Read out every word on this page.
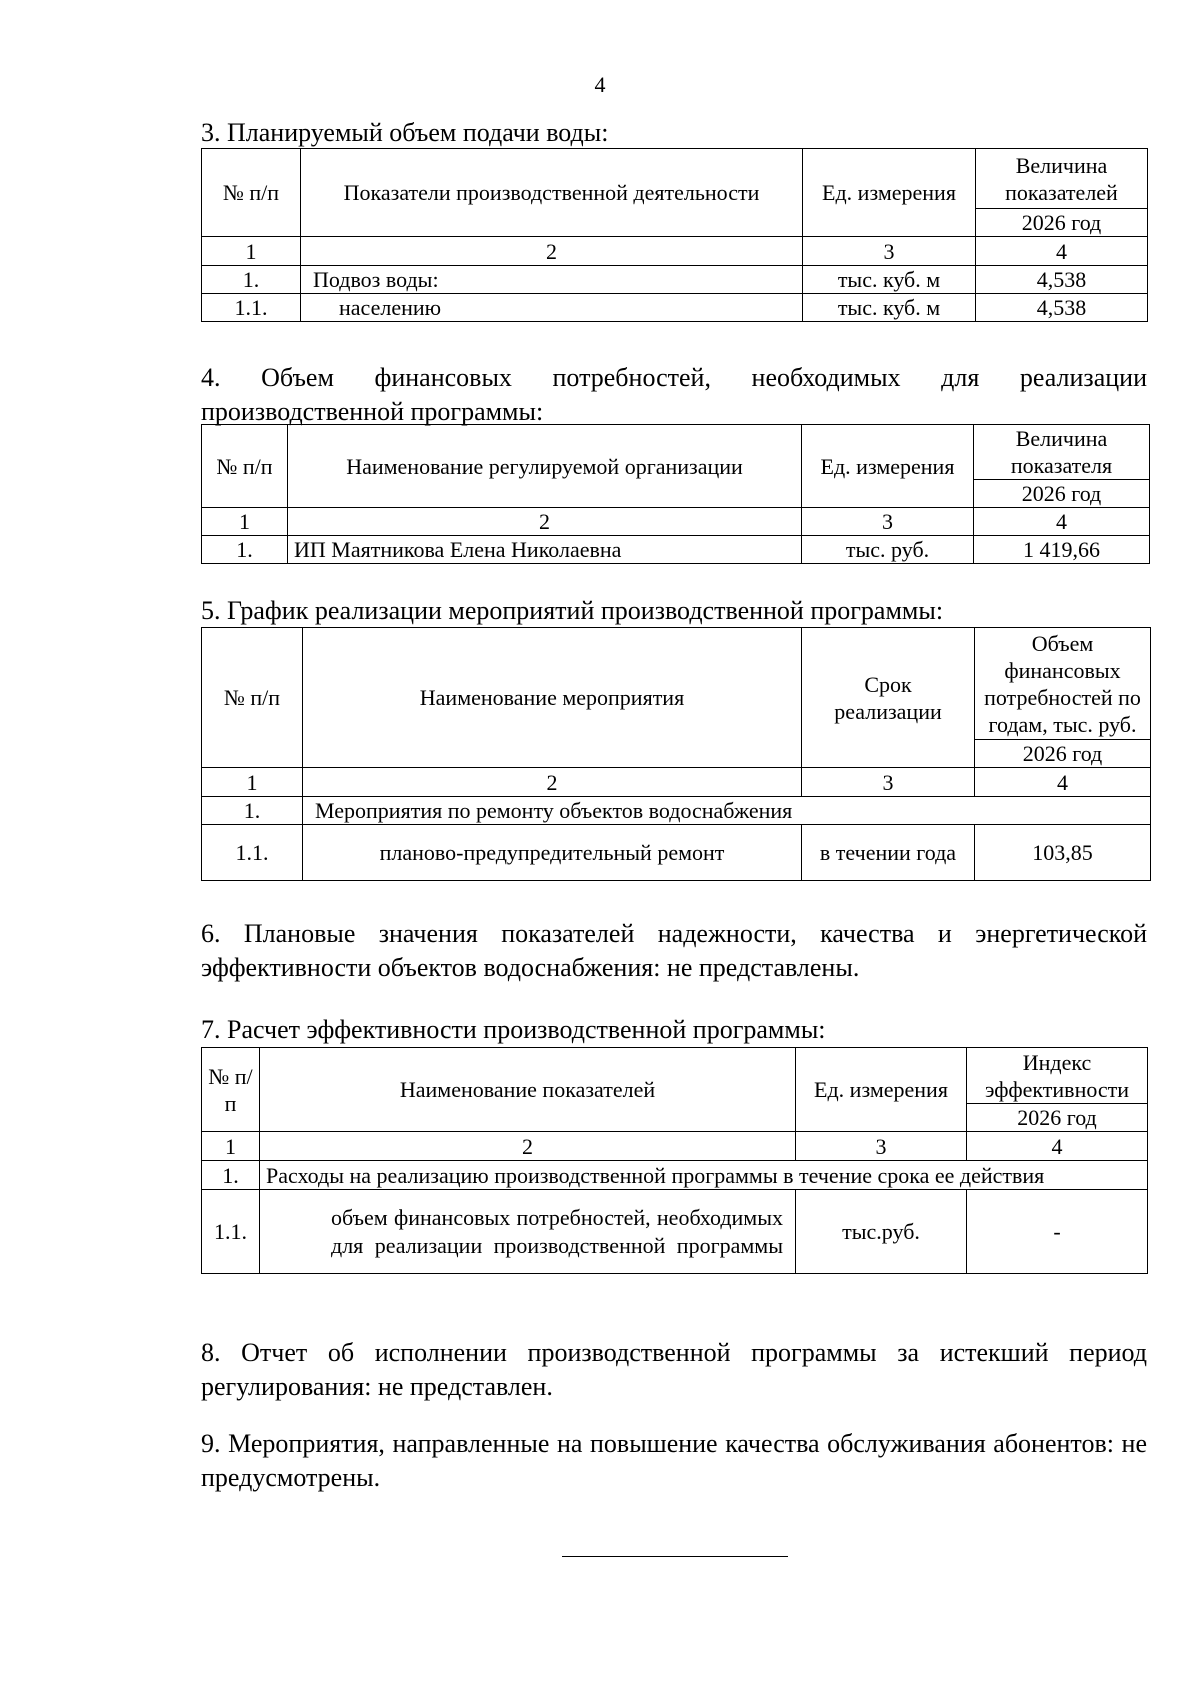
4
3. Планируемый объем подачи воды:
№ п/п	Показатели производственной деятельности	Ед. измерения	Величина показателей
			2026 год
1	2	3	4
1.	Подвоз воды:	тыс. куб. м	4,538
1.1.	населению	тыс. куб. м	4,538
4. Объем финансовых потребностей, необходимых для реализации производственной программы:
№ п/п	Наименование регулируемой организации	Ед. измерения	Величина показателя
			2026 год
1	2	3	4
1.	ИП Маятникова Елена Николаевна	тыс. руб.	1 419,66
5. График реализации мероприятий производственной программы:
№ п/п	Наименование мероприятия	Срок реализации	Объем финансовых потребностей по годам, тыс. руб.
			2026 год
1	2	3	4
1.	Мероприятия по ремонту объектов водоснабжения		
1.1.	планово-предупредительный ремонт	в течении года	103,85
6. Плановые значения показателей надежности, качества и энергетической эффективности объектов водоснабжения: не представлены.
7. Расчет эффективности производственной программы:
№ п/п	Наименование показателей	Ед. измерения	Индекс эффективности
			2026 год
1	2	3	4
1.	Расходы на реализацию производственной программы в течение срока ее действия		
1.1.	объем финансовых потребностей, необходимых для реализации производственной программы	тыс.руб.	-
8. Отчет об исполнении производственной программы за истекший период регулирования: не представлен.
9. Мероприятия, направленные на повышение качества обслуживания абонентов: не предусмотрены.
